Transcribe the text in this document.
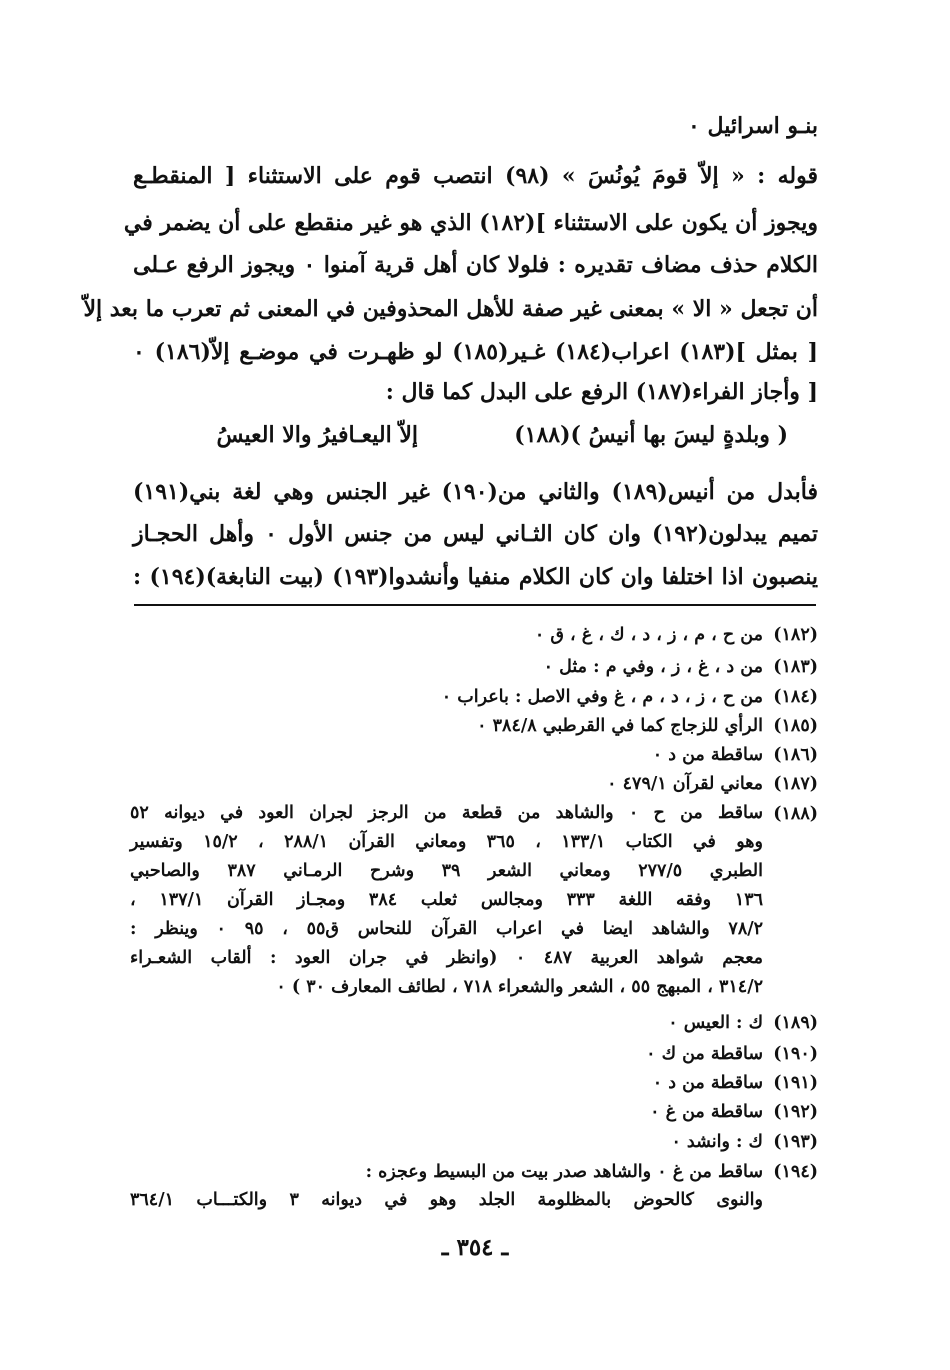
بنـو اسرائيل ٠
قوله : « إلاّ قومَ يُونُسَ » (٩٨) انتصب قوم على الاستثناء [ المنقطـع
ويجوز أن يكون على الاستثناء ](١٨٢) الذي هو غير منقطع على أن يضمر في
الكلام حذف مضاف تقديره : فلولا كان أهل قرية آمنوا ٠ ويجوز الرفع عـلى
أن تجعل « الا » بمعنى غير صفة للأهل المحذوفين في المعنى ثم تعرب ما بعد إلاّ
[ بمثل ](١٨٣) اعراب(١٨٤) غـير(١٨٥) لو ظهـرت في موضـع إلاّ(١٨٦) ٠
[ وأجاز الفراء(١٨٧) الرفع على البدل كما قال :
( وبلدةٍ ليسَ بها أنيسُ )(١٨٨)
إلاّ اليعـافيرُ والا العيسُ
فأبدل من أنيس(١٨٩) والثاني من(١٩٠) غير الجنس وهي لغة بني(١٩١)
تميم يبدلون(١٩٢) وان كان الثـاني ليس من جنس الأول ٠ وأهل الحجـاز
ينصبون اذا اختلفا وان كان الكلام منفيا وأنشدوا(١٩٣) (بيت النابغة)(١٩٤) :
(١٨٢)
من ح ، م ، ز ، د ، ك ، غ ، ق ٠
(١٨٣)
من د ، غ ، ز ، وفي م : مثل ٠
(١٨٤)
من ح ، ز ، د ، م ، غ وفي الاصل : باعراب ٠
(١٨٥)
الرأي للزجاج كما في القرطبي ٣٨٤/٨ ٠
(١٨٦)
ساقطة من د ٠
(١٨٧)
معاني لقرآن ٤٧٩/١ ٠
(١٨٨)
ساقط من ح ٠ والشاهد من قطعة من الرجز لجران العود في ديوانه ٥٢
وهو في الكتاب ١٣٣/١ ، ٣٦٥ ومعاني القرآن ٢٨٨/١ ، ١٥/٢ وتفسير
الطبري ٢٧٧/٥ ومعاني الشعر ٣٩ وشرح الرمـاني ٣٨٧ والصاحبي
١٣٦ وفقه اللغة ٣٣٣ ومجالس ثعلب ٣٨٤ ومجـاز القرآن ١٣٧/١ ،
٧٨/٢ والشاهد ايضا في اعراب القرآن للنحاس ق٥٥ ، ٩٥ ٠ وينظر :
معجم شواهد العربية ٤٨٧ ٠ (وانظر في جران العود : ألقاب الشعـراء
٣١٤/٢ ، المبهج ٥٥ ، الشعر والشعراء ٧١٨ ، لطائف المعارف ٣٠ ) ٠
(١٨٩)
ك : العيس ٠
(١٩٠)
ساقطة من ك ٠
(١٩١)
ساقطة من د ٠
(١٩٢)
ساقطة من غ ٠
(١٩٣)
ك : وانشد ٠
(١٩٤)
ساقط من غ ٠ والشاهد صدر بيت من البسيط وعجزه :
والنوى كالحوض بالمظلومة الجلد وهو في ديوانه ٣ والكتـــاب ٣٦٤/١
ـ ٣٥٤ ـ
